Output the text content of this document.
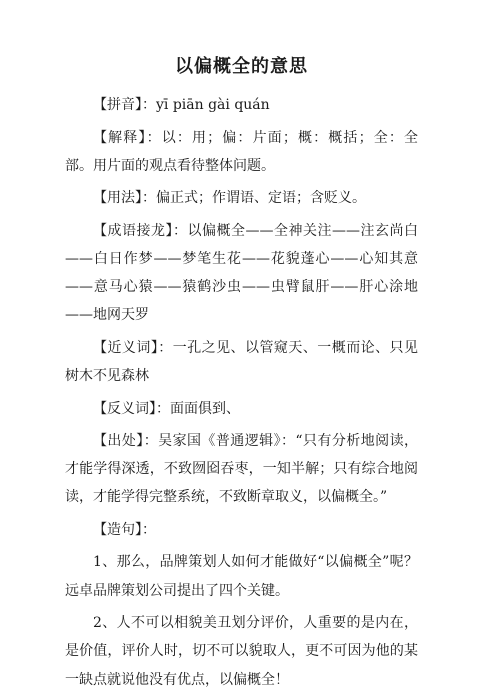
以偏概全的意思

【拼音】：yī piān gài quán

【解释】：以：用；偏：片面；概：概括；全：全部。用片面的观点看待整体问题。

【用法】：偏正式；作谓语、定语；含贬义。

【成语接龙】：以偏概全——全神关注——注玄尚白——白日作梦——梦笔生花——花貌蓬心——心知其意——意马心猿——猿鹤沙虫——虫臂鼠肝——肝心涂地——地网天罗

【近义词】：一孔之见、以管窥天、一概而论、只见树木不见森林

【反义词】：面面俱到、

【出处】：吴家国《普通逻辑》：“只有分析地阅读，才能学得深透，不致囫囵吞枣，一知半解；只有综合地阅读，才能学得完整系统，不致断章取义，以偏概全。”

【造句】：

1、那么，品牌策划人如何才能做好“以偏概全”呢？远卓品牌策划公司提出了四个关键。

2、人不可以相貌美丑划分评价，人重要的是内在，是价值，评价人时，切不可以貌取人，更不可因为他的某一缺点就说他没有优点，以偏概全！
